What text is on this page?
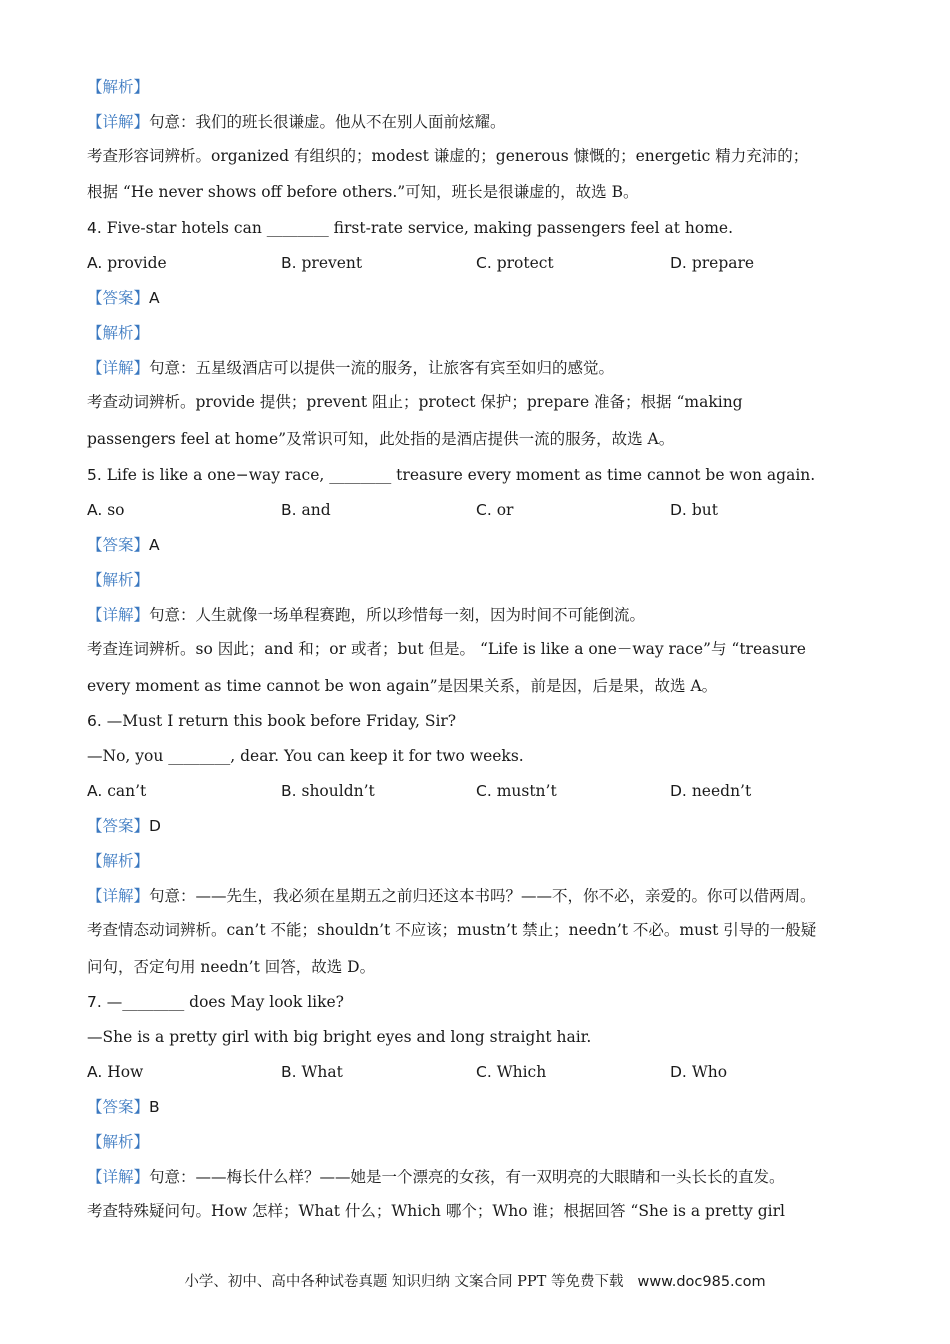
【解析】
【详解】句意：我们的班长很谦虚。他从不在别人面前炫耀。
考查形容词辨析。organized 有组织的；modest 谦虚的；generous 慷慨的；energetic 精力充沛的；
根据 “He never shows off before others.”可知，班长是很谦虚的，故选 B。
4. Five-star hotels can ________ first-rate service, making passengers feel at home.
A. provide	B. prevent	C. protect	D. prepare
【答案】A
【解析】
【详解】句意：五星级酒店可以提供一流的服务，让旅客有宾至如归的感觉。
考查动词辨析。provide 提供；prevent 阻止；protect 保护；prepare 准备；根据 “making
passengers feel at home”及常识可知，此处指的是酒店提供一流的服务，故选 A。
5. Life is like a one−way race, ________ treasure every moment as time cannot be won again.
A. so	B. and	C. or	D. but
【答案】A
【解析】
【详解】句意：人生就像一场单程赛跑，所以珍惜每一刻，因为时间不可能倒流。
考查连词辨析。so 因此；and 和；or 或者；but 但是。 “Life is like a one－way race”与 “treasure
every moment as time cannot be won again”是因果关系，前是因，后是果，故选 A。
6. —Must I return this book before Friday, Sir?
—No, you ________, dear. You can keep it for two weeks.
A. can’t	B. shouldn’t	C. mustn’t	D. needn’t
【答案】D
【解析】
【详解】句意：——先生，我必须在星期五之前归还这本书吗？——不，你不必，亲爱的。你可以借两周。
考查情态动词辨析。can’t 不能；shouldn’t 不应该；mustn’t 禁止；needn’t 不必。must 引导的一般疑
问句，否定句用 needn’t 回答，故选 D。
7. —________ does May look like?
—She is a pretty girl with big bright eyes and long straight hair.
A. How	B. What	C. Which	D. Who
【答案】B
【解析】
【详解】句意：——梅长什么样？——她是一个漂亮的女孩，有一双明亮的大眼睛和一头长长的直发。
考查特殊疑问句。How 怎样；What 什么；Which 哪个；Who 谁；根据回答 “She is a pretty girl
小学、初中、高中各种试卷真题 知识归纳 文案合同 PPT 等免费下载 www.doc985.com
